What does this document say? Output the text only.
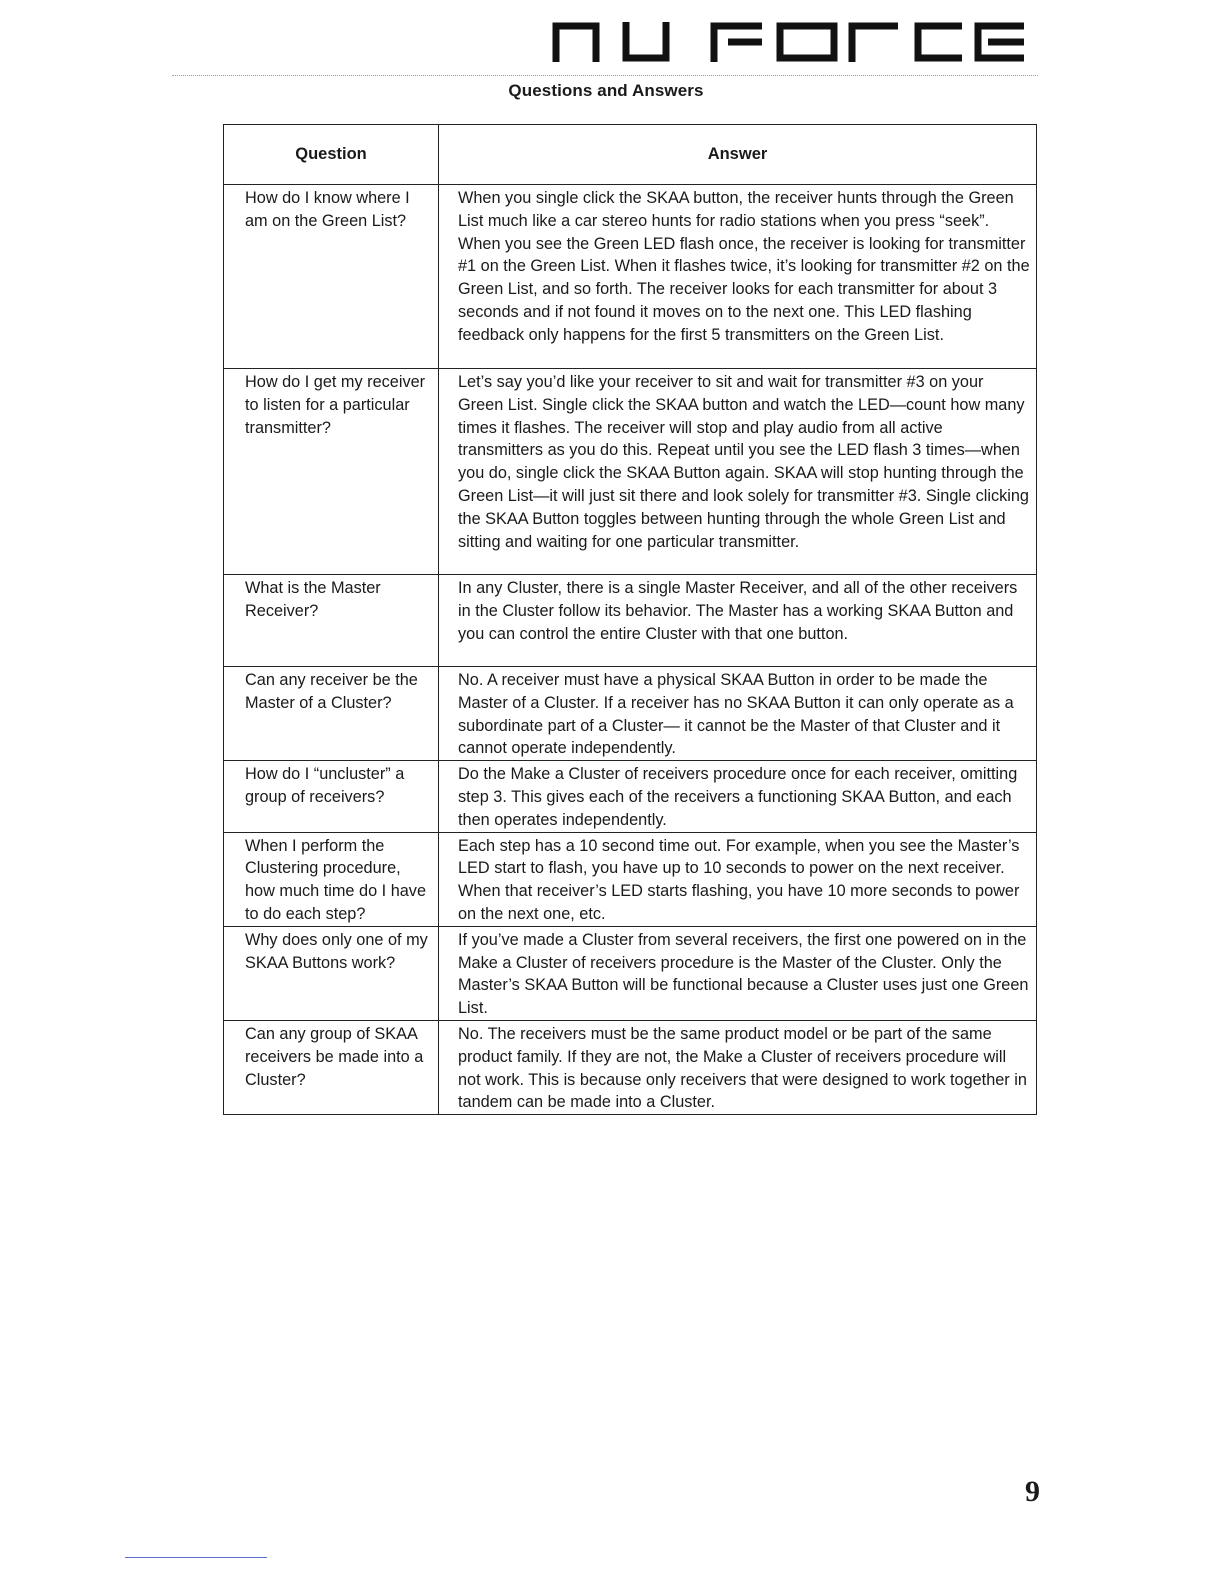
Questions and Answers
Question	Answer
How do I know where I am on the Green List?	When you single click the SKAA button, the receiver hunts through the Green List much like a car stereo hunts for radio stations when you press “seek”. When you see the Green LED flash once, the receiver is looking for transmitter #1 on the Green List. When it flashes twice, it’s looking for transmitter #2 on the Green List, and so forth. The receiver looks for each transmitter for about 3 seconds and if not found it moves on to the next one. This LED flashing feedback only happens for the first 5 transmitters on the Green List.
How do I get my receiver to listen for a particular transmitter?	Let’s say you’d like your receiver to sit and wait for transmitter #3 on your Green List. Single click the SKAA button and watch the LED—count how many times it flashes. The receiver will stop and play audio from all active transmitters as you do this. Repeat until you see the LED flash 3 times—when you do, single click the SKAA Button again. SKAA will stop hunting through the Green List—it will just sit there and look solely for transmitter #3. Single clicking the SKAA Button toggles between hunting through the whole Green List and sitting and waiting for one particular transmitter.
What is the Master Receiver?	In any Cluster, there is a single Master Receiver, and all of the other receivers in the Cluster follow its behavior. The Master has a working SKAA Button and you can control the entire Cluster with that one button.
Can any receiver be the Master of a Cluster?	No. A receiver must have a physical SKAA Button in order to be made the Master of a Cluster. If a receiver has no SKAA Button it can only operate as a subordinate part of a Cluster— it cannot be the Master of that Cluster and it cannot operate independently.
How do I “uncluster” a group of receivers?	Do the Make a Cluster of receivers procedure once for each receiver, omitting step 3. This gives each of the receivers a functioning SKAA Button, and each then operates independently.
When I perform the Clustering procedure, how much time do I have to do each step?	Each step has a 10 second time out. For example, when you see the Master’s LED start to flash, you have up to 10 seconds to power on the next receiver. When that receiver’s LED starts flashing, you have 10 more seconds to power on the next one, etc.
Why does only one of my SKAA Buttons work?	If you’ve made a Cluster from several receivers, the first one powered on in the Make a Cluster of receivers procedure is the Master of the Cluster. Only the Master’s SKAA Button will be functional because a Cluster uses just one Green List.
Can any group of SKAA receivers be made into a Cluster?	No. The receivers must be the same product model or be part of the same product family. If they are not, the Make a Cluster of receivers procedure will not work. This is because only receivers that were designed to work together in tandem can be made into a Cluster.
9
